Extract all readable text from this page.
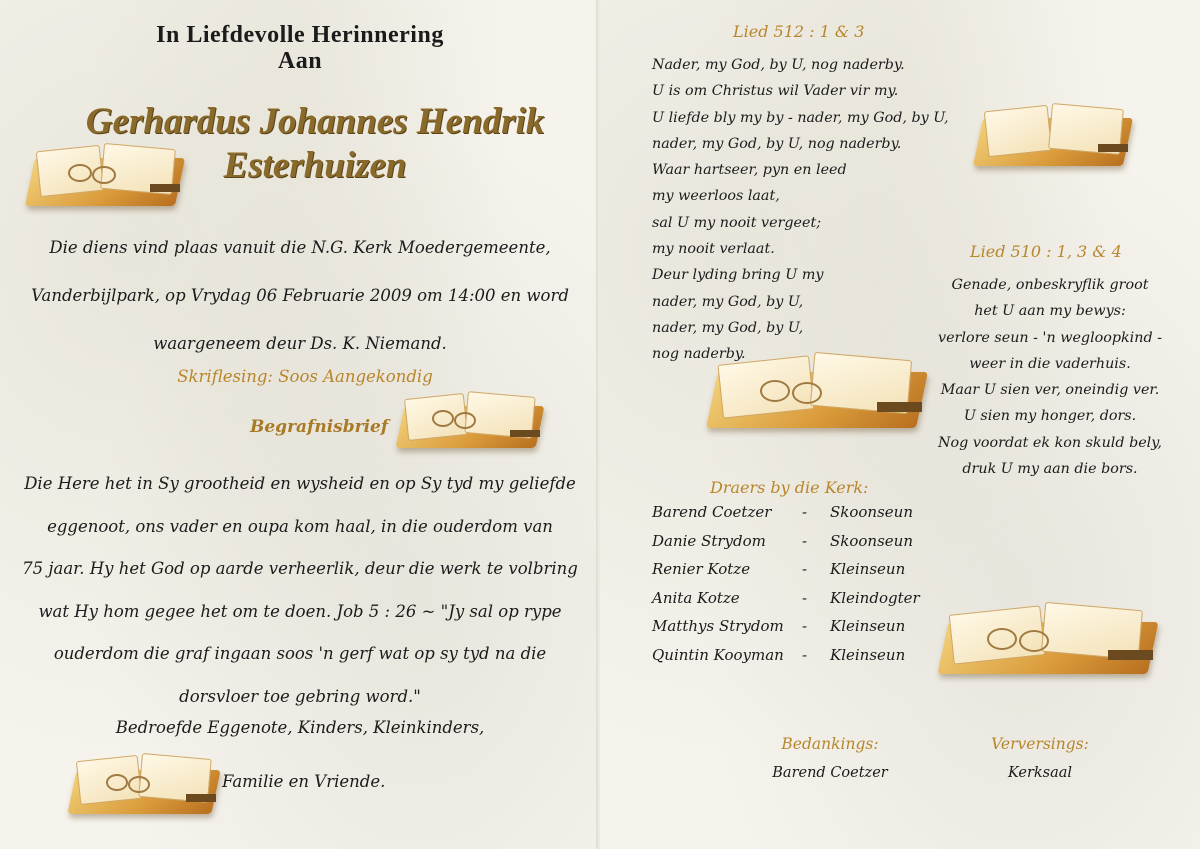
In Liefdevolle Herinnering
Aan
Gerhardus Johannes Hendrik
Esterhuizen
Die diens vind plaas vanuit die N.G. Kerk Moedergemeente,
Vanderbijlpark, op Vrydag 06 Februarie 2009 om 14:00 en word
waargeneem deur Ds. K. Niemand.
Skriflesing: Soos Aangekondig
Begrafnisbrief
Die Here het in Sy grootheid en wysheid en op Sy tyd my geliefde
eggenoot, ons vader en oupa kom haal, in die ouderdom van
75 jaar. Hy het God op aarde verheerlik, deur die werk te volbring
wat Hy hom gegee het om te doen. Job 5 : 26 ~ "Jy sal op rype
ouderdom die graf ingaan soos 'n gerf wat op sy tyd na die
dorsvloer toe gebring word."
Bedroefde Eggenote, Kinders, Kleinkinders,
Familie en Vriende.
Lied 512 : 1 & 3
Nader, my God, by U, nog naderby.
U is om Christus wil Vader vir my.
U liefde bly my by - nader, my God, by U,
nader, my God, by U, nog naderby.
Waar hartseer, pyn en leed
my weerloos laat,
sal U my nooit vergeet;
my nooit verlaat.
Deur lyding bring U my
nader, my God, by U,
nader, my God, by U,
nog naderby.
Lied 510 : 1, 3 & 4
Genade, onbeskryflik groot
het U aan my bewys:
verlore seun - 'n wegloopkind -
weer in die vaderhuis.
Maar U sien ver, oneindig ver.
U sien my honger, dors.
Nog voordat ek kon skuld bely,
druk U my aan die bors.
Draers by die Kerk:
Barend Coetzer - Skoonseun
Danie Strydom - Skoonseun
Renier Kotze	- Kleinseun
Anita Kotze	- Kleindogter
Matthys Strydom - Kleinseun
Quintin Kooyman - Kleinseun
Bedankings:
Barend Coetzer
Verversings:
Kerksaal
